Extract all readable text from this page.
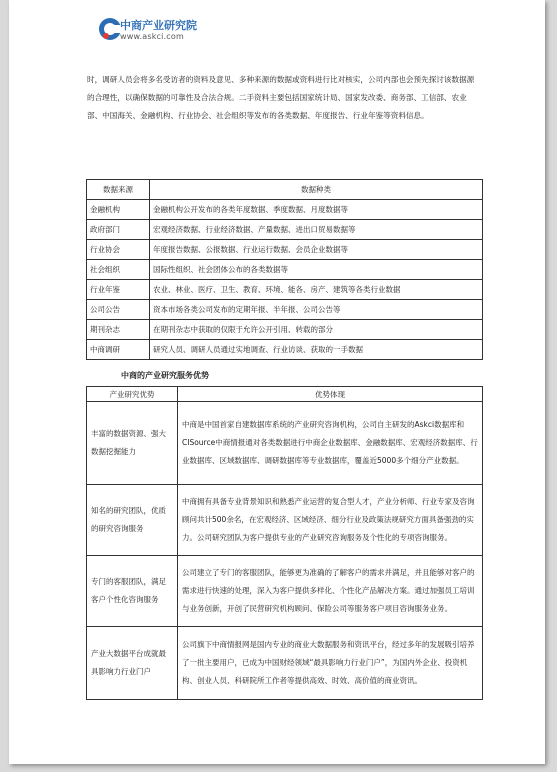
中商产业研究院
www.askci.com

时，调研人员会将多名受访者的资料及意见、多种来源的数据或资料进行比对核实，公司内部也会预先探讨该数据源的合理性，以确保数据的可靠性及合法合规。二手资料主要包括国家统计局、国家发改委、商务部、工信部、农业部、中国海关、金融机构、行业协会、社会组织等发布的各类数据、年度报告、行业年鉴等资料信息。

数据来源	数据种类
金融机构	金融机构公开发布的各类年度数据、季度数据、月度数据等
政府部门	宏观经济数据、行业经济数据、产量数据、进出口贸易数据等
行业协会	年度报告数据、公报数据、行业运行数据、会员企业数据等
社会组织	国际性组织、社会团体公布的各类数据等
行业年鉴	农业、林业、医疗、卫生、教育、环境、能各、房产、建筑等各类行业数据
公司公告	资本市场各类公司发布的定期年报、半年报、公司公告等
期刊杂志	在期刊杂志中获取的仅限于允许公开引用、转载的部分
中商调研	研究人员、调研人员通过实地调查、行业访谈、获取的一手数据

中商的产业研究服务优势

产业研究优势	优势体现
丰富的数据资源、强大数据挖掘能力	中商是中国首家自建数据库系统的产业研究咨询机构，公司自主研发的Askci数据库和CISource中商情报通对各类数据进行中商企业数据库、金融数据库、宏观经济数据库、行业数据库、区域数据库、调研数据库等专业数据库，覆盖近5000多个细分产业数据。
知名的研究团队，优质的研究咨询服务	中商拥有具备专业背景知识和熟悉产业运营的复合型人才，产业分析师、行业专家及咨询顾问共计500余名，在宏观经济、区域经济、细分行业及政策法规研究方面具备强劲的实力。公司研究团队为客户提供专业的产业研究咨询服务及个性化的专项咨询服务。
专门的客服团队，满足客户个性化咨询服务	公司建立了专门的客服团队，能够更为准确的了解客户的需求并满足，并且能够对客户的需求进行快速的处理，深入为客户提供多样化、个性化产品解决方案。通过加强员工培训与业务创新，开创了民营研究机构顾问、保险公司等服务客户项目咨询服务业务。
产业大数据平台成就最具影响力行业门户	公司旗下中商情报网是国内专业的商业大数据服务和资讯平台，经过多年的发展吸引培养了一批主要用户，已成为中国财经领域“最具影响力行业门户”，为国内外企业、投资机构、创业人员、科研院所工作者等提供高效、时效、高价值的商业资讯。
